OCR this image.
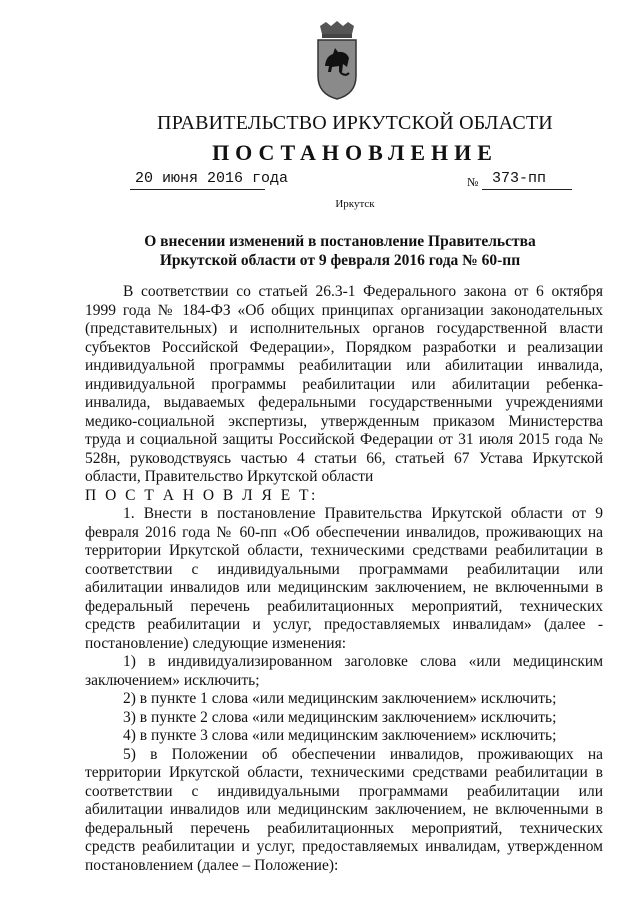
ПРАВИТЕЛЬСТВО ИРКУТСКОЙ ОБЛАСТИ
ПОСТАНОВЛЕНИЕ
20 июня 2016 года	№ 373-пп
Иркутск
О внесении изменений в постановление Правительства
Иркутской области от 9 февраля 2016 года № 60-пп

В соответствии со статьей 26.3-1 Федерального закона от 6 октября 1999 года № 184-ФЗ «Об общих принципах организации законодательных (представительных) и исполнительных органов государственной власти субъектов Российской Федерации», Порядком разработки и реализации индивидуальной программы реабилитации или абилитации инвалида, индивидуальной программы реабилитации или абилитации ребенка-инвалида, выдаваемых федеральными государственными учреждениями медико-социальной экспертизы, утвержденным приказом Министерства труда и социальной защиты Российской Федерации от 31 июля 2015 года № 528н, руководствуясь частью 4 статьи 66, статьей 67 Устава Иркутской области, Правительство Иркутской области

П О С Т А Н О В Л Я Е Т:

1. Внести в постановление Правительства Иркутской области от 9 февраля 2016 года № 60-пп «Об обеспечении инвалидов, проживающих на территории Иркутской области, техническими средствами реабилитации в соответствии с индивидуальными программами реабилитации или абилитации инвалидов или медицинским заключением, не включенными в федеральный перечень реабилитационных мероприятий, технических средств реабилитации и услуг, предоставляемых инвалидам» (далее - постановление) следующие изменения:

1) в индивидуализированном заголовке слова «или медицинским заключением» исключить;

2) в пункте 1 слова «или медицинским заключением» исключить;

3) в пункте 2 слова «или медицинским заключением» исключить;

4) в пункте 3 слова «или медицинским заключением» исключить;

5) в Положении об обеспечении инвалидов, проживающих на территории Иркутской области, техническими средствами реабилитации в соответствии с индивидуальными программами реабилитации или абилитации инвалидов или медицинским заключением, не включенными в федеральный перечень реабилитационных мероприятий, технических средств реабилитации и услуг, предоставляемых инвалидам, утвержденном постановлением (далее – Положение):
